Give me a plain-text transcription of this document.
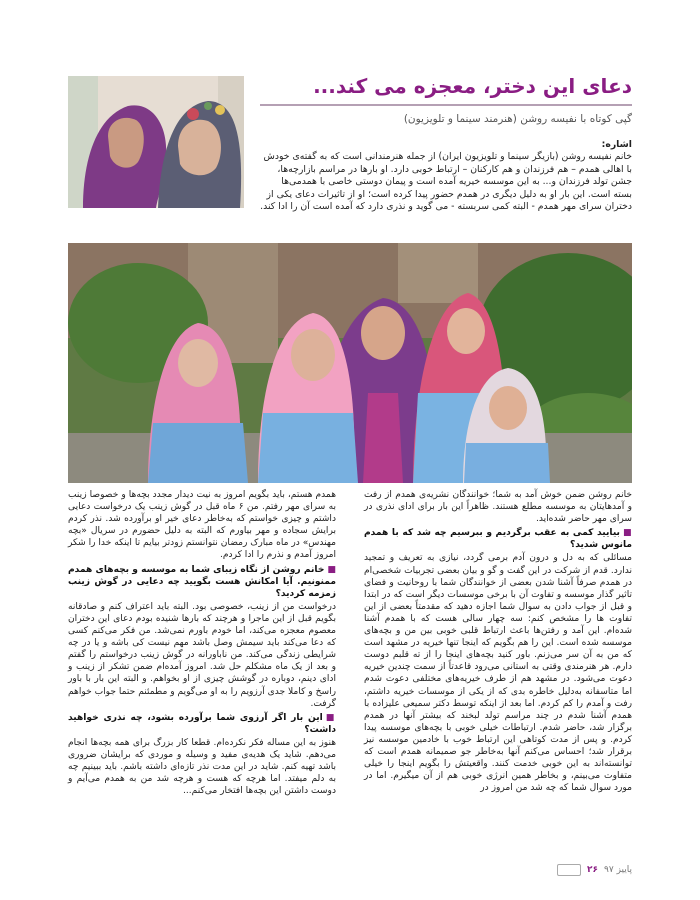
دعای این دختر، معجزه می کند...
گپی کوتاه با نفیسه روشن (هنرمند سینما و تلویزیون)
اشاره:
خانم نفیسه روشن (بازیگر سینما و تلویزیون ایران) از جمله هنرمندانی است که به گفته‌ی خودش با اهالی همدم – هم فرزندان و هم کارکنان – ارتباط خوبی دارد. او بارها در مراسم بازارچه‌ها، جشن تولد فرزندان و... به این موسسه خیریه آمده است و پیمان دوستی خاصی با همدمی‌ها بسته است. این بار او به دلیل دیگری در همدم حضور پیدا کرده است؛ او از تاثیرات دعای یکی از دختران سرای مهر همدم - البته کمی سربسته - می گوید و نذری دارد که آمده است آن را ادا کند.
خانم روشن ضمن خوش آمد به شما؛ خوانندگان نشریه‌ی همدم از رفت و آمدهایتان به موسسه مطلع هستند. ظاهراً این بار برای ادای نذری در سرای مهر حاضر شده‌اید.
■بیایید کمی به عقب برگردیم و ببرسیم چه شد که با همدم مانوس شدید؟
مسائلی که به دل و درون آدم برمی گردد، نیازی به تعریف و تمجید ندارد. قدم از شرکت در این گفت و گو و بیان بعضی تجربیات شخصی‌ام در همدم صرفاً آشنا شدن بعضی از خوانندگان شما با روحانیت و فضای تاثیر گذار موسسه و تفاوت آن با برخی موسسات دیگر است که در ابتدا و قبل از جواب دادن به سوال شما اجازه دهید که مقدمتاً بعضی از این تفاوت ها را مشخص کنم: سه چهار سالی هست که با همدم آشنا شده‌ام. این آمد و رفتن‌ها باعث ارتباط قلبی خوبی بین من و بچه‌های موسسه شده است. این را هم بگویم که اینجا تنها خیریه در مشهد است که من به آن سر می‌زنم. باور کنید بچه‌های اینجا را از ته قلبم دوست دارم. هر هنرمندی وقتی به استانی می‌رود قاعدتاً از سمت چندین خیریه دعوت می‌شود. در مشهد هم از طرف خیریه‌های مختلفی دعوت شدم اما متاسفانه به‌دلیل خاطره بدی که از یکی از موسسات خیریه داشتم، رفت و آمدم را کم کردم. اما بعد از اینکه توسط دکتر سمیعی علیزاده با همدم آشنا شدم در چند مراسم تولد لبخند که بیشتر آنها در همدم برگزار شد، حاضر شدم. ارتباطات خیلی خوبی با بچه‌های موسسه پیدا کردم. و پس از مدت کوتاهی این ارتباط خوب با خادمین موسسه نیز برقرار شد؛ احساس می‌کنم آنها به‌خاطر جو صمیمانه همدم است که توانسته‌اند به این خوبی خدمت کنند. واقعیتش را بگویم اینجا را خیلی متفاوت می‌بینم، و بخاطر همین انرژی خوبی هم از آن میگیرم. اما در مورد سوال شما که چه شد من امروز در
همدم هستم، باید بگویم امروز به نیت دیدار مجدد بچه‌ها و خصوصا زینب به سرای مهر رفتم. من ۶ ماه قبل در گوش زینب یک درخواست دعایی داشتم و چیزی خواستم که به‌خاطر دعای خیر او برآورده شد. نذر کردم برایش سجاده و مهر بیاورم که البته به دلیل حضورم در سریال «بچه مهندس» در ماه مبارک رمضان نتوانستم زودتر بیایم تا اینکه خدا را شکر امروز آمدم و نذرم را ادا کردم.
■خانم روشن از نگاه زیبای شما به موسسه و بچه‌های همدم ممنونیم. آیا امکانش هست بگویید چه دعایی در گوش زینب زمزمه کردید؟
درخواست من از زینب، خصوصی بود. البته باید اعتراف کنم و صادقانه بگویم قبل از این ماجرا و هرچند که بارها شنیده بودم دعای این دختران معصوم معجزه می‌کند، اما خودم باورم نمی‌شد. من فکر می‌کنم کسی که دعا می‌کند باید سیمش وصل باشد مهم نیست کی باشه و یا در چه شرایطی زندگی می‌کند. من ناباورانه در گوش زینب درخواستم را گفتم و بعد از یک ماه مشکلم حل شد. امروز آمده‌ام ضمن تشکر از زینب و ادای دینم، دوباره در گوشش چیزی از او بخواهم. و البته این بار با باور راسخ و کاملا جدی آرزویم را به او می‌گویم و مطمئنم حتما جواب خواهم گرفت.
■این بار اگر آرزوی شما برآورده بشود، چه نذری خواهید داشت؟
هنوز به این مساله فکر نکرده‌ام. قطعا کار بزرگ برای همه بچه‌ها انجام می‌دهم. شاید یک هدیه‌ی مفید و وسیله و موردی که برایشان ضروری باشد تهیه کنم. شاید در این مدت نذر تازه‌ای داشته باشم. باید ببینیم چه به دلم میفتد. اما هرچه که هست و هرچه شد من به همدم می‌آیم و دوست داشتن این بچه‌ها افتخار می‌کنم...
پاییز ۹۷
۲۶
